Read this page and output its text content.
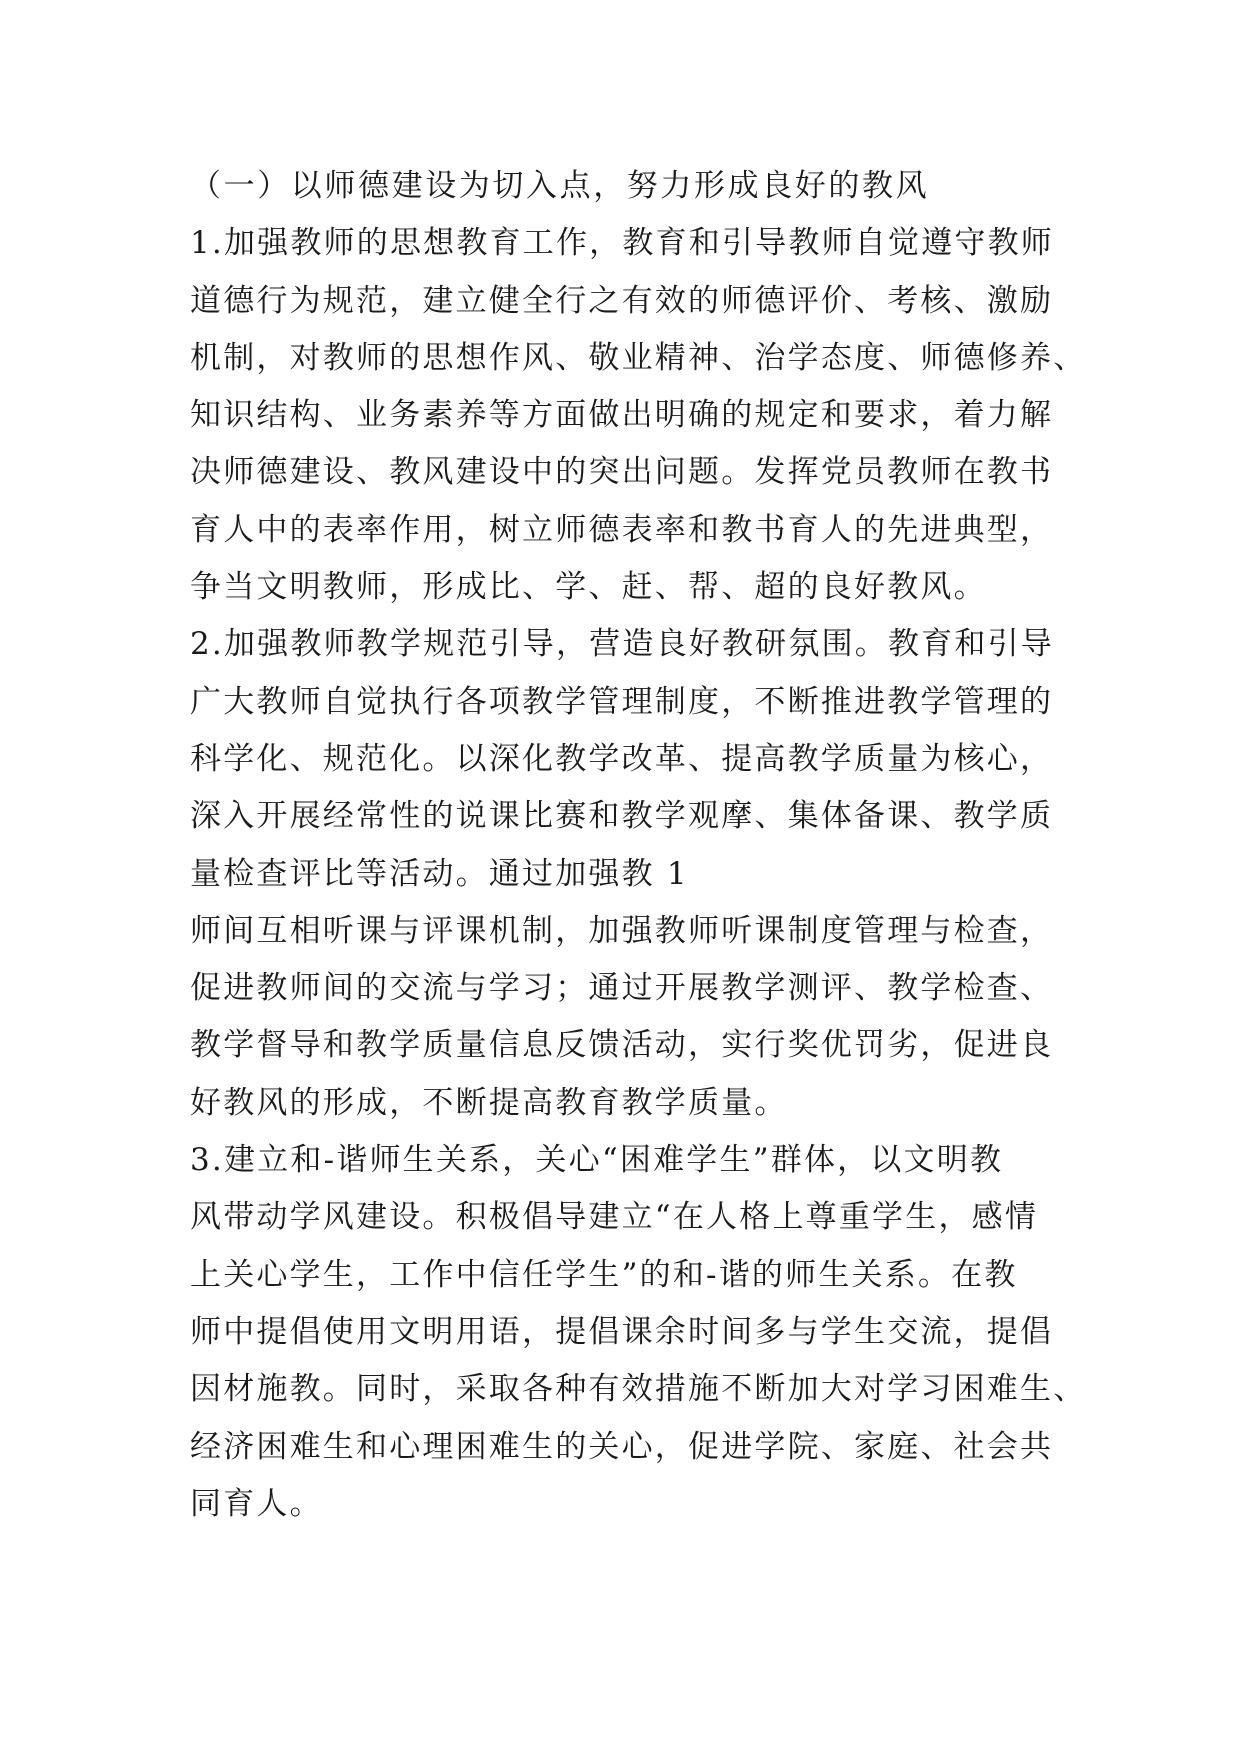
（一）以师德建设为切入点，努力形成良好的教风
1.加强教师的思想教育工作，教育和引导教师自觉遵守教师
道德行为规范，建立健全行之有效的师德评价、考核、激励
机制，对教师的思想作风、敬业精神、治学态度、师德修养、
知识结构、业务素养等方面做出明确的规定和要求，着力解
决师德建设、教风建设中的突出问题。发挥党员教师在教书
育人中的表率作用，树立师德表率和教书育人的先进典型，
争当文明教师，形成比、学、赶、帮、超的良好教风。
2.加强教师教学规范引导，营造良好教研氛围。教育和引导
广大教师自觉执行各项教学管理制度，不断推进教学管理的
科学化、规范化。以深化教学改革、提高教学质量为核心，
深入开展经常性的说课比赛和教学观摩、集体备课、教学质
量检查评比等活动。通过加强教 1
师间互相听课与评课机制，加强教师听课制度管理与检查，
促进教师间的交流与学习；通过开展教学测评、教学检查、
教学督导和教学质量信息反馈活动，实行奖优罚劣，促进良
好教风的形成，不断提高教育教学质量。
3.建立和-谐师生关系，关心“困难学生”群体，以文明教
风带动学风建设。积极倡导建立“在人格上尊重学生，感情
上关心学生，工作中信任学生”的和-谐的师生关系。在教
师中提倡使用文明用语，提倡课余时间多与学生交流，提倡
因材施教。同时，采取各种有效措施不断加大对学习困难生、
经济困难生和心理困难生的关心，促进学院、家庭、社会共
同育人。
